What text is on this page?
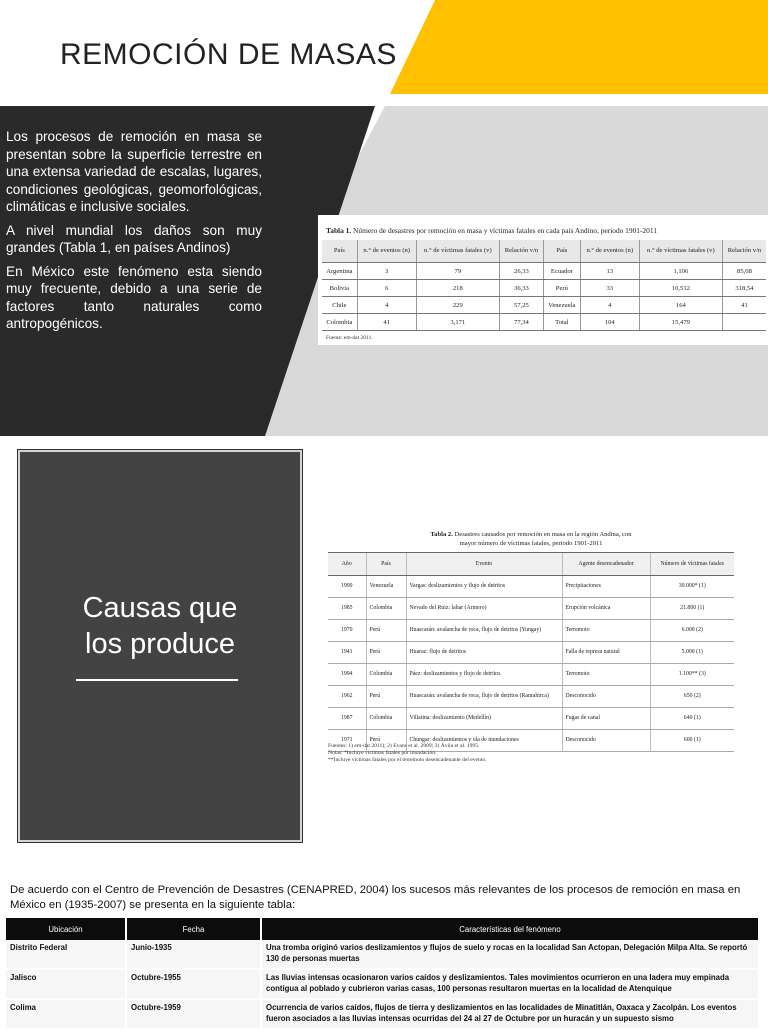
REMOCIÓN DE MASAS

Los procesos de remoción en masa se presentan sobre la superficie terrestre en una extensa variedad de escalas, lugares, condiciones geológicas, geomorfológicas, climáticas e inclusive sociales.

A nivel mundial los daños son muy grandes (Tabla 1, en países Andinos)

En México este fenómeno esta siendo muy frecuente, debido a una serie de factores tanto naturales como antropogénicos.

Tabla 1. Número de desastres por remoción en masa y víctimas fatales en cada país Andino, periodo 1901-2011
País	n.° de eventos (n)	n.° de víctimas fatales (v)	Relación v/n	País	n.° de eventos (n)	n.° de víctimas fatales (v)	Relación v/n
Argentina	3	79	26,33	Ecuador	13	1,106	85,08
Bolivia	6	218	36,33	Perú	33	10,512	318,54
Chile	4	229	57,25	Venezuela	4	164	41
Colombia	41	3,171	77,34	Total	104	15,479	
Fuente: em-dat 2011.
Causas que
los produce
Tabla 2. Desastres causados por remoción en masa en la región Andina, con
mayor número de víctimas fatales, periodo 1901-2011
Año	País	Evento	Agente desencadenador	Número de víctimas fatales
1999	Venezuela	Vargas: deslizamientos y flujo de detritos	Precipitaciones	30.000* (1)
1985	Colombia	Nevado del Ruiz: lahar (Armero)	Erupción volcánica	21.800 (1)
1970	Perú	Huascarán: avalancha de roca, flujo de detritos (Yungay)	Terremoto	6.000 (2)
1941	Perú	Huaraz: flujo de detritos	Falla de represa natural	5.000 (1)
1994	Colombia	Páez: deslizamientos y flujo de detritos	Terremoto	1.100** (3)
1962	Perú	Huascarán: avalancha de roca, flujo de detritos (Ranrahirca)	Desconocido	650 (2)
1987	Colombia	Villatina: deslizamiento (Medellín)	Fugas de canal	640 (1)
1971	Perú	Chungar: deslizamientos y ola de inundaciones	Desconocido	600 (1)
Fuentes: 1) em-dat 2011); 2) Evans et al. 2009; 3) Ávila et al. 1995.
Notas: *Incluye víctimas fatales por inundación.
**Incluye víctimas fatales por el terremoto desencadenante del evento.
De acuerdo con el Centro de Prevención de Desastres (CENAPRED, 2004) los sucesos más relevantes de los procesos de remoción en masa en México en (1935-2007) se presenta en la siguiente tabla:
Ubicación	Fecha	Características del fenómeno
Distrito Federal	Junio-1935	Una tromba originó varios deslizamientos y flujos de suelo y rocas en la localidad San Actopan, Delegación Milpa Alta. Se reportó 130 de personas muertas
Jalisco	Octubre-1955	Las lluvias intensas ocasionaron varios caídos y deslizamientos. Tales movimientos ocurrieron en una ladera muy empinada contigua al poblado y cubrieron varias casas, 100 personas resultaron muertas en la localidad de Atenquique
Colima	Octubre-1959	Ocurrencia de varios caídos, flujos de tierra y deslizamientos en las localidades de Minatitlán, Oaxaca y Zacolpán. Los eventos fueron asociados a las lluvias intensas ocurridas del 24 al 27 de Octubre por un huracán y un supuesto sismo
